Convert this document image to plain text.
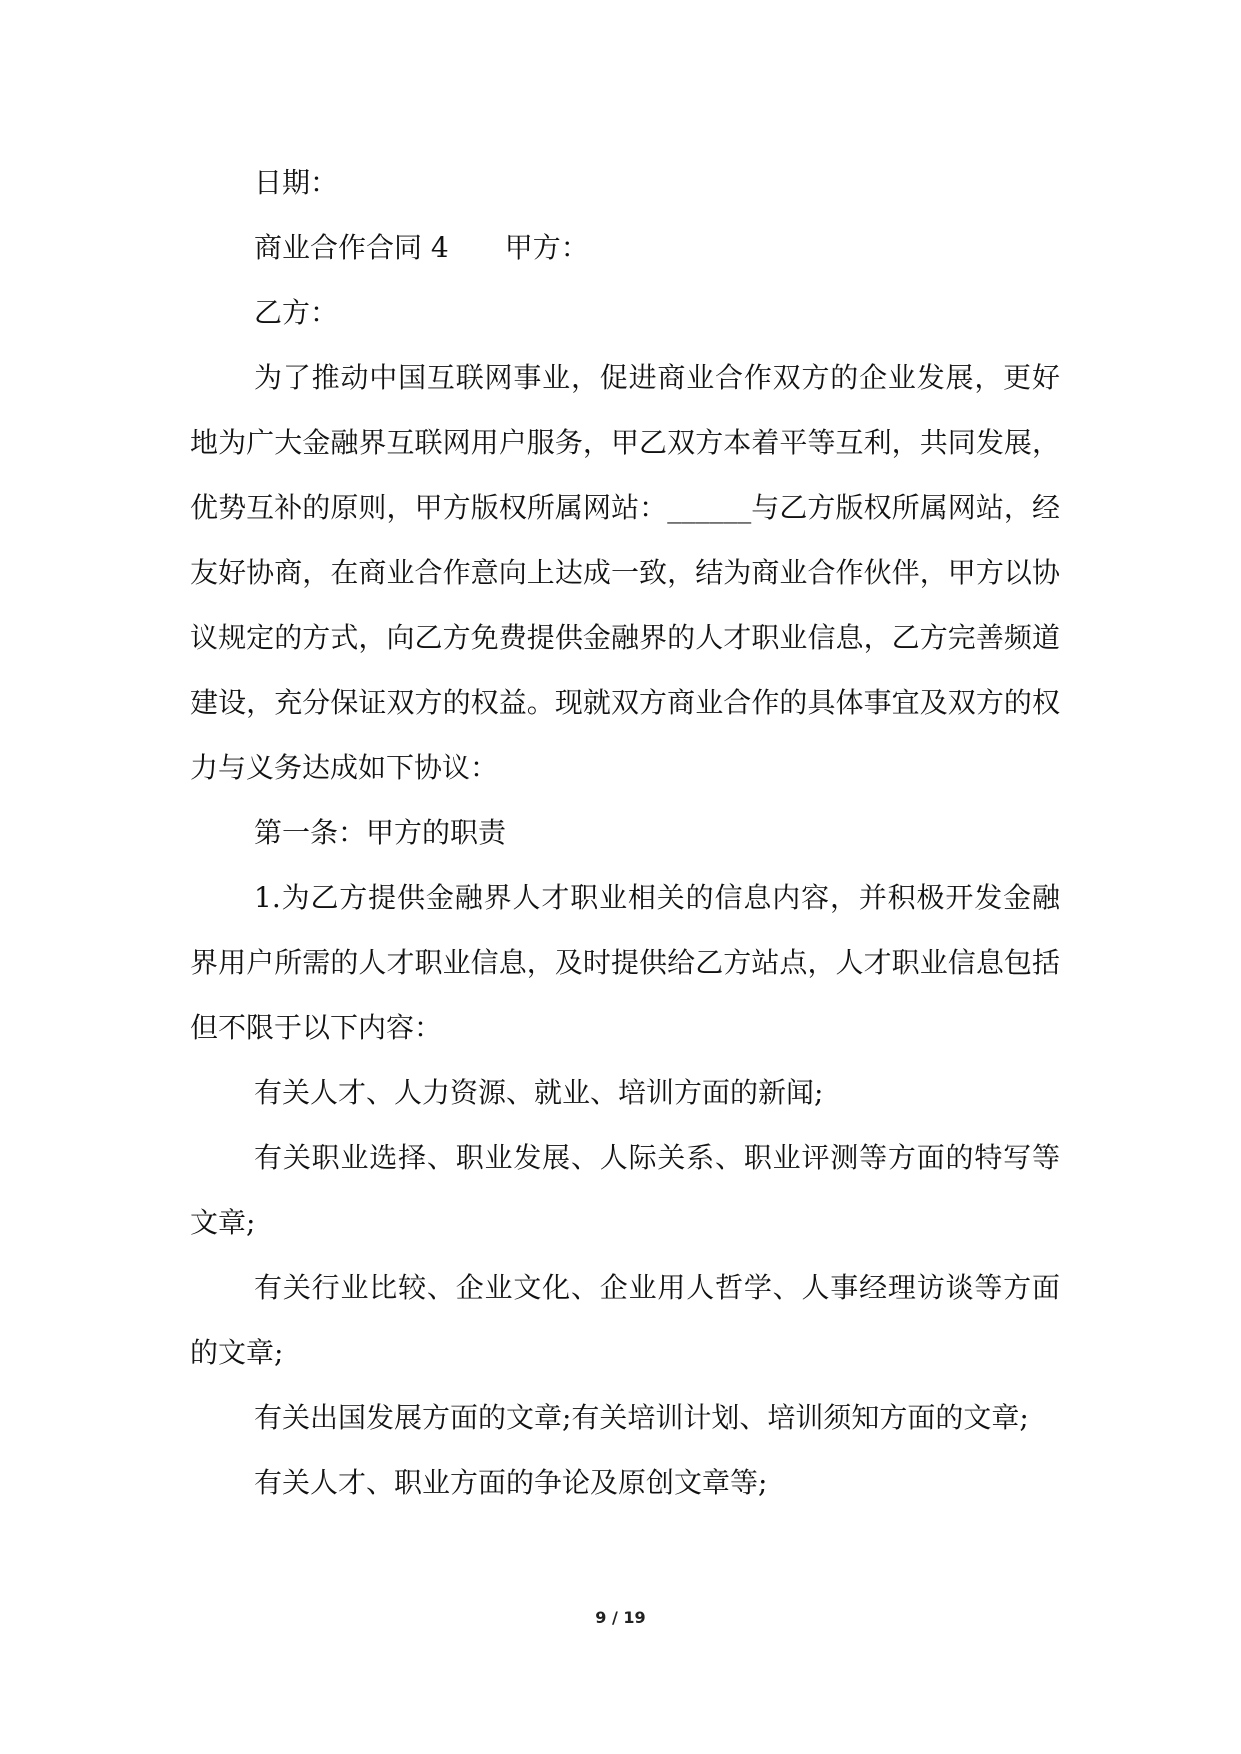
日期：

商业合作合同 4　　甲方：

乙方：

为了推动中国互联网事业，促进商业合作双方的企业发展，更好地为广大金融界互联网用户服务，甲乙双方本着平等互利，共同发展，优势互补的原则，甲方版权所属网站：______与乙方版权所属网站，经友好协商，在商业合作意向上达成一致，结为商业合作伙伴，甲方以协议规定的方式，向乙方免费提供金融界的人才职业信息，乙方完善频道建设，充分保证双方的权益。现就双方商业合作的具体事宜及双方的权力与义务达成如下协议：

第一条：甲方的职责

1.为乙方提供金融界人才职业相关的信息内容，并积极开发金融界用户所需的人才职业信息，及时提供给乙方站点，人才职业信息包括但不限于以下内容：

有关人才、人力资源、就业、培训方面的新闻;

有关职业选择、职业发展、人际关系、职业评测等方面的特写等文章;

有关行业比较、企业文化、企业用人哲学、人事经理访谈等方面的文章;

有关出国发展方面的文章;有关培训计划、培训须知方面的文章;

有关人才、职业方面的争论及原创文章等;

9 / 19
